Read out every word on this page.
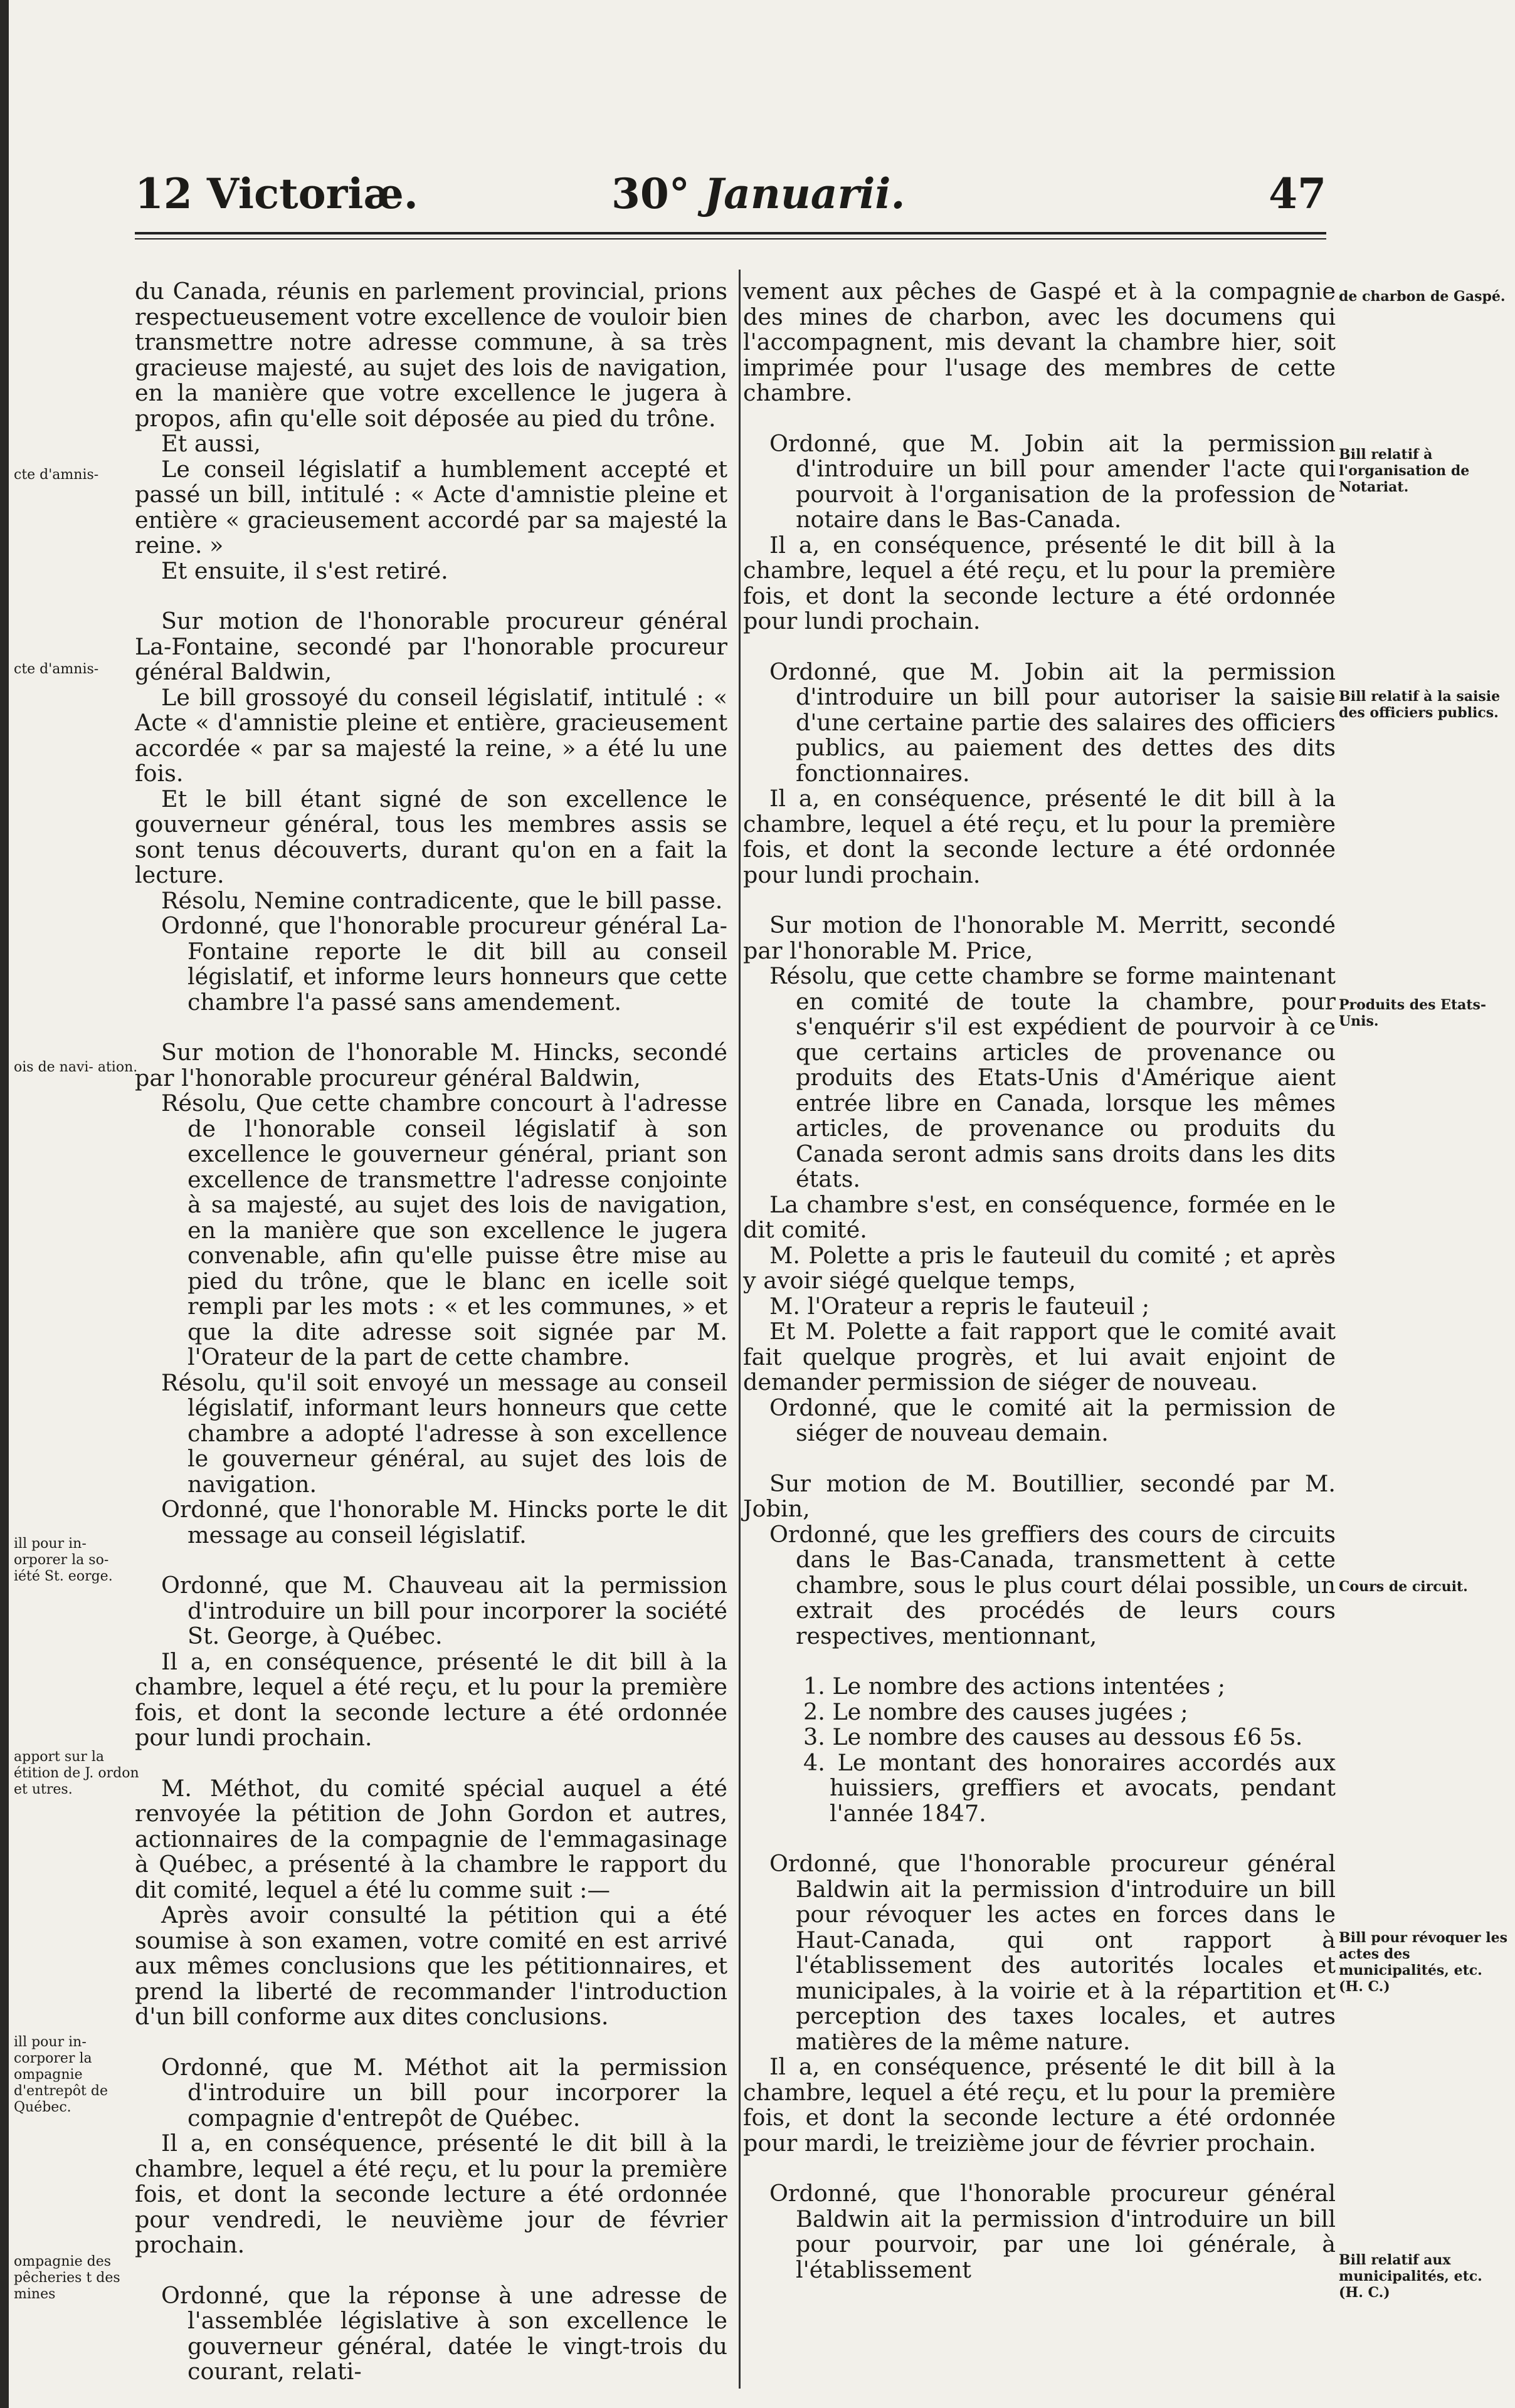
12 Victoriæ.	30° Januarii.	47

du Canada, réunis en parlement provincial, prions respectueusement votre excellence de vouloir bien transmettre notre adresse commune, à sa très gracieuse majesté, au sujet des lois de navigation, en la manière que votre excellence le jugera à propos, afin qu'elle soit déposée au pied du trône.

Et aussi,

Le conseil législatif a humblement accepté et passé un bill, intitulé : « Acte d'amnistie pleine et entière « gracieusement accordé par sa majesté la reine. »

Et ensuite, il s'est retiré.

Sur motion de l'honorable procureur général La-Fontaine, secondé par l'honorable procureur général Baldwin,

Le bill grossoyé du conseil législatif, intitulé : « Acte « d'amnistie pleine et entière, gracieusement accordée « par sa majesté la reine, » a été lu une fois.

Et le bill étant signé de son excellence le gouverneur général, tous les membres assis se sont tenus découverts, durant qu'on en a fait la lecture.

Résolu, Nemine contradicente, que le bill passe.

Ordonné, que l'honorable procureur général La-Fontaine reporte le dit bill au conseil législatif, et informe leurs honneurs que cette chambre l'a passé sans amendement.

Sur motion de l'honorable M. Hincks, secondé par l'honorable procureur général Baldwin,

Résolu, Que cette chambre concourt à l'adresse de l'honorable conseil législatif à son excellence le gouverneur général, priant son excellence de transmettre l'adresse conjointe à sa majesté, au sujet des lois de navigation, en la manière que son excellence le jugera convenable, afin qu'elle puisse être mise au pied du trône, que le blanc en icelle soit rempli par les mots : « et les communes, » et que la dite adresse soit signée par M. l'Orateur de la part de cette chambre.

Résolu, qu'il soit envoyé un message au conseil législatif, informant leurs honneurs que cette chambre a adopté l'adresse à son excellence le gouverneur général, au sujet des lois de navigation.

Ordonné, que l'honorable M. Hincks porte le dit message au conseil législatif.

Ordonné, que M. Chauveau ait la permission d'introduire un bill pour incorporer la société St. George, à Québec.

Il a, en conséquence, présenté le dit bill à la chambre, lequel a été reçu, et lu pour la première fois, et dont la seconde lecture a été ordonnée pour lundi prochain.

M. Méthot, du comité spécial auquel a été renvoyée la pétition de John Gordon et autres, actionnaires de la compagnie de l'emmagasinage à Québec, a présenté à la chambre le rapport du dit comité, lequel a été lu comme suit :—

Après avoir consulté la pétition qui a été soumise à son examen, votre comité en est arrivé aux mêmes conclusions que les pétitionnaires, et prend la liberté de recommander l'introduction d'un bill conforme aux dites conclusions.

Ordonné, que M. Méthot ait la permission d'introduire un bill pour incorporer la compagnie d'entrepôt de Québec.

Il a, en conséquence, présenté le dit bill à la chambre, lequel a été reçu, et lu pour la première fois, et dont la seconde lecture a été ordonnée pour vendredi, le neuvième jour de février prochain.

Ordonné, que la réponse à une adresse de l'assemblée législative à son excellence le gouverneur général, datée le vingt-trois du courant, relati-

vement aux pêches de Gaspé et à la compagnie des mines de charbon, avec les documens qui l'accompagnent, mis devant la chambre hier, soit imprimée pour l'usage des membres de cette chambre.

Ordonné, que M. Jobin ait la permission d'introduire un bill pour amender l'acte qui pourvoit à l'organisation de la profession de notaire dans le Bas-Canada.

Il a, en conséquence, présenté le dit bill à la chambre, lequel a été reçu, et lu pour la première fois, et dont la seconde lecture a été ordonnée pour lundi prochain.

Ordonné, que M. Jobin ait la permission d'introduire un bill pour autoriser la saisie d'une certaine partie des salaires des officiers publics, au paiement des dettes des dits fonctionnaires.

Il a, en conséquence, présenté le dit bill à la chambre, lequel a été reçu, et lu pour la première fois, et dont la seconde lecture a été ordonnée pour lundi prochain.

Sur motion de l'honorable M. Merritt, secondé par l'honorable M. Price,

Résolu, que cette chambre se forme maintenant en comité de toute la chambre, pour s'enquérir s'il est expédient de pourvoir à ce que certains articles de provenance ou produits des Etats-Unis d'Amérique aient entrée libre en Canada, lorsque les mêmes articles, de provenance ou produits du Canada seront admis sans droits dans les dits états.

La chambre s'est, en conséquence, formée en le dit comité.

M. Polette a pris le fauteuil du comité ; et après y avoir siégé quelque temps,

M. l'Orateur a repris le fauteuil ;

Et M. Polette a fait rapport que le comité avait fait quelque progrès, et lui avait enjoint de demander permission de siéger de nouveau.

Ordonné, que le comité ait la permission de siéger de nouveau demain.

Sur motion de M. Boutillier, secondé par M. Jobin,

Ordonné, que les greffiers des cours de circuits dans le Bas-Canada, transmettent à cette chambre, sous le plus court délai possible, un extrait des procédés de leurs cours respectives, mentionnant,

1. Le nombre des actions intentées ;

2. Le nombre des causes jugées ;

3. Le nombre des causes au dessous £6 5s.

4. Le montant des honoraires accordés aux huissiers, greffiers et avocats, pendant l'année 1847.

Ordonné, que l'honorable procureur général Baldwin ait la permission d'introduire un bill pour révoquer les actes en forces dans le Haut-Canada, qui ont rapport à l'établissement des autorités locales et municipales, à la voirie et à la répartition et perception des taxes locales, et autres matières de la même nature.

Il a, en conséquence, présenté le dit bill à la chambre, lequel a été reçu, et lu pour la première fois, et dont la seconde lecture a été ordonnée pour mardi, le treizième jour de février prochain.

Ordonné, que l'honorable procureur général Baldwin ait la permission d'introduire un bill pour pourvoir, par une loi générale, à l'établissement

cte d'amnis-
cte d'amnis-
ois de navi- ation.
ill pour in- orporer la so- iété St. eorge.
apport sur la étition de J. ordon et utres.
ill pour in- corporer la ompagnie d'entrepôt de Québec.
ompagnie des pêcheries t des mines
de charbon de Gaspé.
Bill relatif à l'organisation de Notariat.
Bill relatif à la saisie des officiers publics.
Produits des Etats-Unis.
Cours de circuit.
Bill pour révoquer les actes des municipalités, etc. (H. C.)
Bill relatif aux municipalités, etc. (H. C.)
